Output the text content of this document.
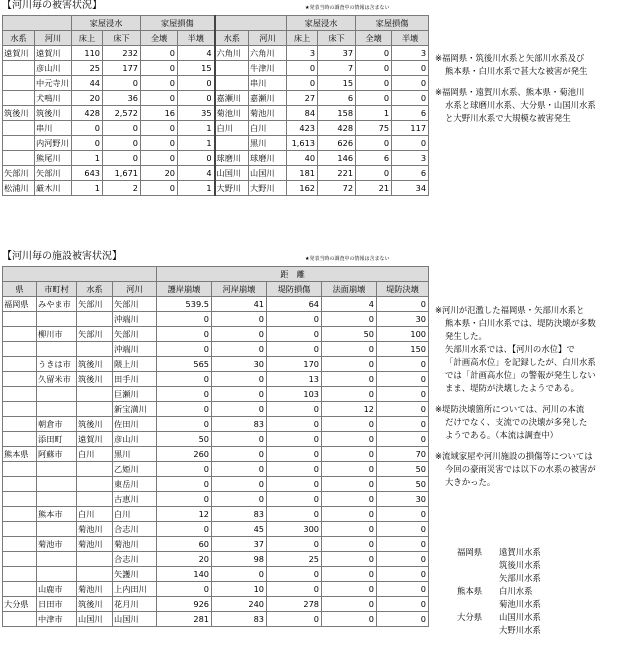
【河川毎の被害状況】	★発表当時の調査中の情報は含まない
		家屋浸水		家屋損傷				家屋浸水		家屋損傷	
水系	河川	床上	床下	全壊	半壊	水系	河川	床上	床下	全壊	半壊
遠賀川	遠賀川	110	232	0	4	六角川	六角川	3	37	0	3
	彦山川	25	177	0	15		牛津川	0	7	0	0
	中元寺川	44	0	0	0		串川	0	15	0	0
	犬鳴川	20	36	0	0	嘉瀬川	嘉瀬川	27	6	0	0
筑後川	筑後川	428	2,572	16	35	菊池川	菊池川	84	158	1	6
	串川	0	0	0	1	白川	白川	423	428	75	117
	内河野川	0	0	0	1		黒川	1,613	626	0	0
	熊尾川	1	0	0	0	球磨川	球磨川	40	146	6	3
矢部川	矢部川	643	1,671	20	4	山国川	山国川	181	221	0	6
松浦川	厳木川	1	2	0	1	大野川	大野川	162	72	21	34

※福岡県・筑後川水系と矢部川水系及び
熊本県・白川水系で甚大な被害が発生

※福岡県・遠賀川水系、熊本県・菊池川
水系と球磨川水系、大分県・山国川水系
と大野川水系で大規模な被害発生

【河川毎の施設被害状況】	★発表当時の調査中の情報は含まない
				距　離				
県	市町村	水系	河川	護岸崩壊	河岸崩壊	堤防損傷	法面崩壊	堤防決壊
福岡県	みやま市	矢部川	矢部川	539.5	41	64	4	0
			沖端川	0	0	0	0	30
	柳川市	矢部川	矢部川	0	0	0	50	100
			沖端川	0	0	0	0	150
	うきは市	筑後川	隈上川	565	30	170	0	0
	久留米市	筑後川	田手川	0	0	13	0	0
			巨瀬川	0	0	103	0	0
			新宝満川	0	0	0	12	0
	朝倉市	筑後川	佐田川	0	83	0	0	0
	添田町	遠賀川	彦山川	50	0	0	0	0
熊本県	阿蘇市	白川	黒川	260	0	0	0	70
			乙姫川	0	0	0	0	50
			東岳川	0	0	0	0	50
			古恵川	0	0	0	0	30
	熊本市	白川	白川	12	83	0	0	0
		菊池川	合志川	0	45	300	0	0
	菊池市	菊池川	菊池川	60	37	0	0	0
			合志川	20	98	25	0	0
			矢護川	140	0	0	0	0
	山鹿市	菊池川	上内田川	0	10	0	0	0
大分県	日田市	筑後川	花月川	926	240	278	0	0
	中津市	山国川	山国川	281	83	0	0	0

※河川が氾濫した福岡県・矢部川水系と
熊本県・白川水系では、堤防決壊が多数
発生した。
矢部川水系では、【河川の水位】で
「計画高水位」を記録したが、白川水系
では「計画高水位」の警報が発生しない
まま、堤防が決壊したようである。

※堤防決壊箇所については、河川の本流
だけでなく、支流での決壊が多発した
ようである。（本流は調査中）

※流域家屋や河川施設の損傷等については
今回の豪雨災害では以下の水系の被害が
大きかった。

福岡県	遠賀川水系
	筑後川水系
	矢部川水系
熊本県	白川水系
	菊池川水系
大分県	山国川水系
	大野川水系
